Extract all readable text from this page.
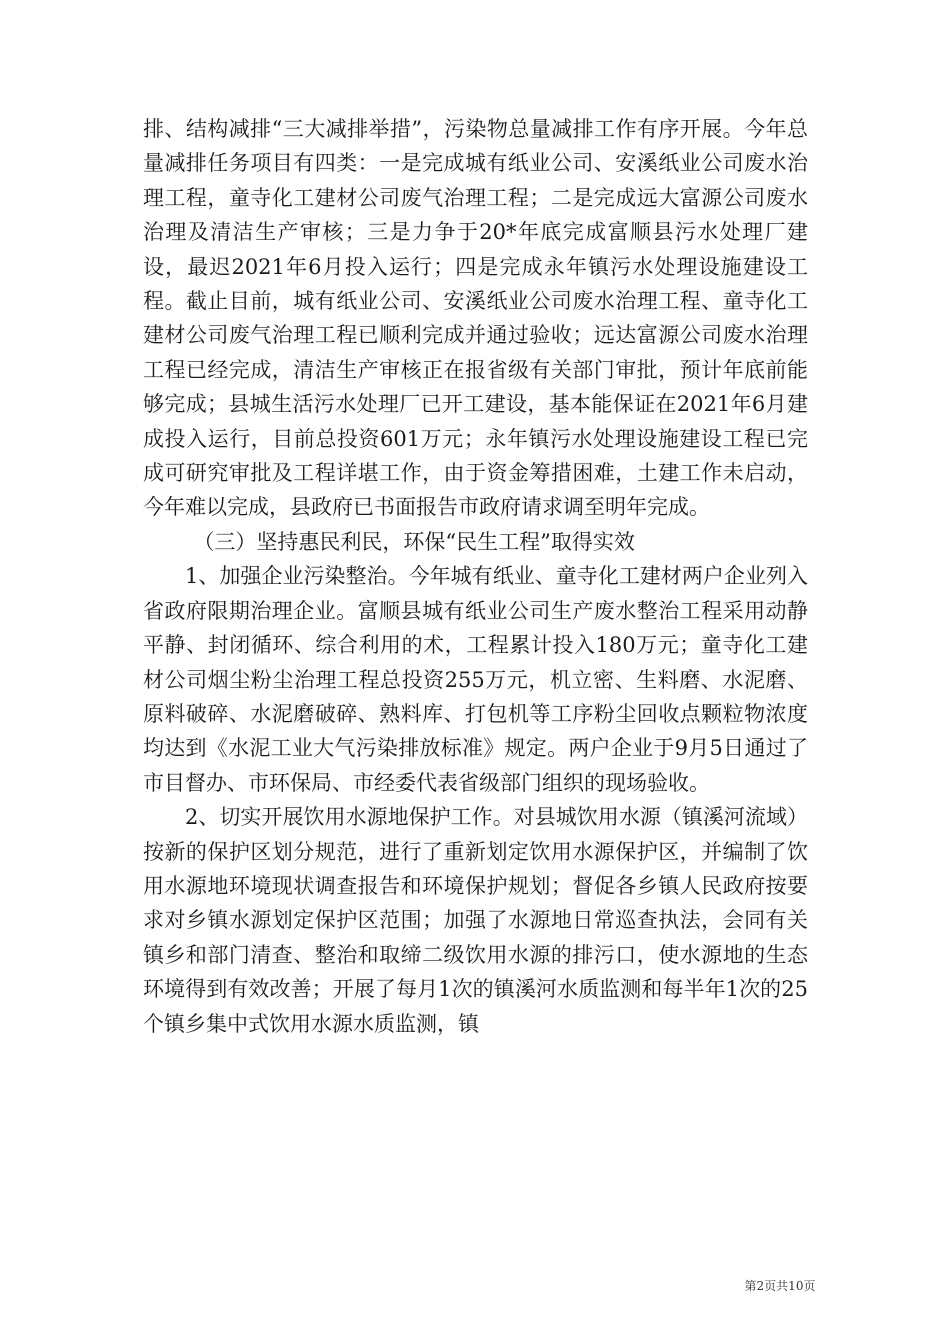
排、结构减排“三大减排举措”，污染物总量减排工作有序开展。今年总量减排任务项目有四类：一是完成城有纸业公司、安溪纸业公司废水治理工程，童寺化工建材公司废气治理工程；二是完成远大富源公司废水治理及清洁生产审核；三是力争于20*年底完成富顺县污水处理厂建设，最迟2021年6月投入运行；四是完成永年镇污水处理设施建设工程。截止目前，城有纸业公司、安溪纸业公司废水治理工程、童寺化工建材公司废气治理工程已顺利完成并通过验收；远达富源公司废水治理工程已经完成，清洁生产审核正在报省级有关部门审批，预计年底前能够完成；县城生活污水处理厂已开工建设，基本能保证在2021年6月建成投入运行，目前总投资601万元；永年镇污水处理设施建设工程已完成可研究审批及工程详堪工作，由于资金筹措困难，土建工作未启动，今年难以完成，县政府已书面报告市政府请求调至明年完成。

（三）坚持惠民利民，环保“民生工程”取得实效

1、加强企业污染整治。今年城有纸业、童寺化工建材两户企业列入省政府限期治理企业。富顺县城有纸业公司生产废水整治工程采用动静平静、封闭循环、综合利用的术，工程累计投入180万元；童寺化工建材公司烟尘粉尘治理工程总投资255万元，机立密、生料磨、水泥磨、原料破碎、水泥磨破碎、熟料库、打包机等工序粉尘回收点颗粒物浓度均达到《水泥工业大气污染排放标准》规定。两户企业于9月5日通过了市目督办、市环保局、市经委代表省级部门组织的现场验收。

2、切实开展饮用水源地保护工作。对县城饮用水源（镇溪河流域）按新的保护区划分规范，进行了重新划定饮用水源保护区，并编制了饮用水源地环境现状调查报告和环境保护规划；督促各乡镇人民政府按要求对乡镇水源划定保护区范围；加强了水源地日常巡查执法，会同有关镇乡和部门清查、整治和取缔二级饮用水源的排污口，使水源地的生态环境得到有效改善；开展了每月1次的镇溪河水质监测和每半年1次的25个镇乡集中式饮用水源水质监测，镇

第2页共10页
